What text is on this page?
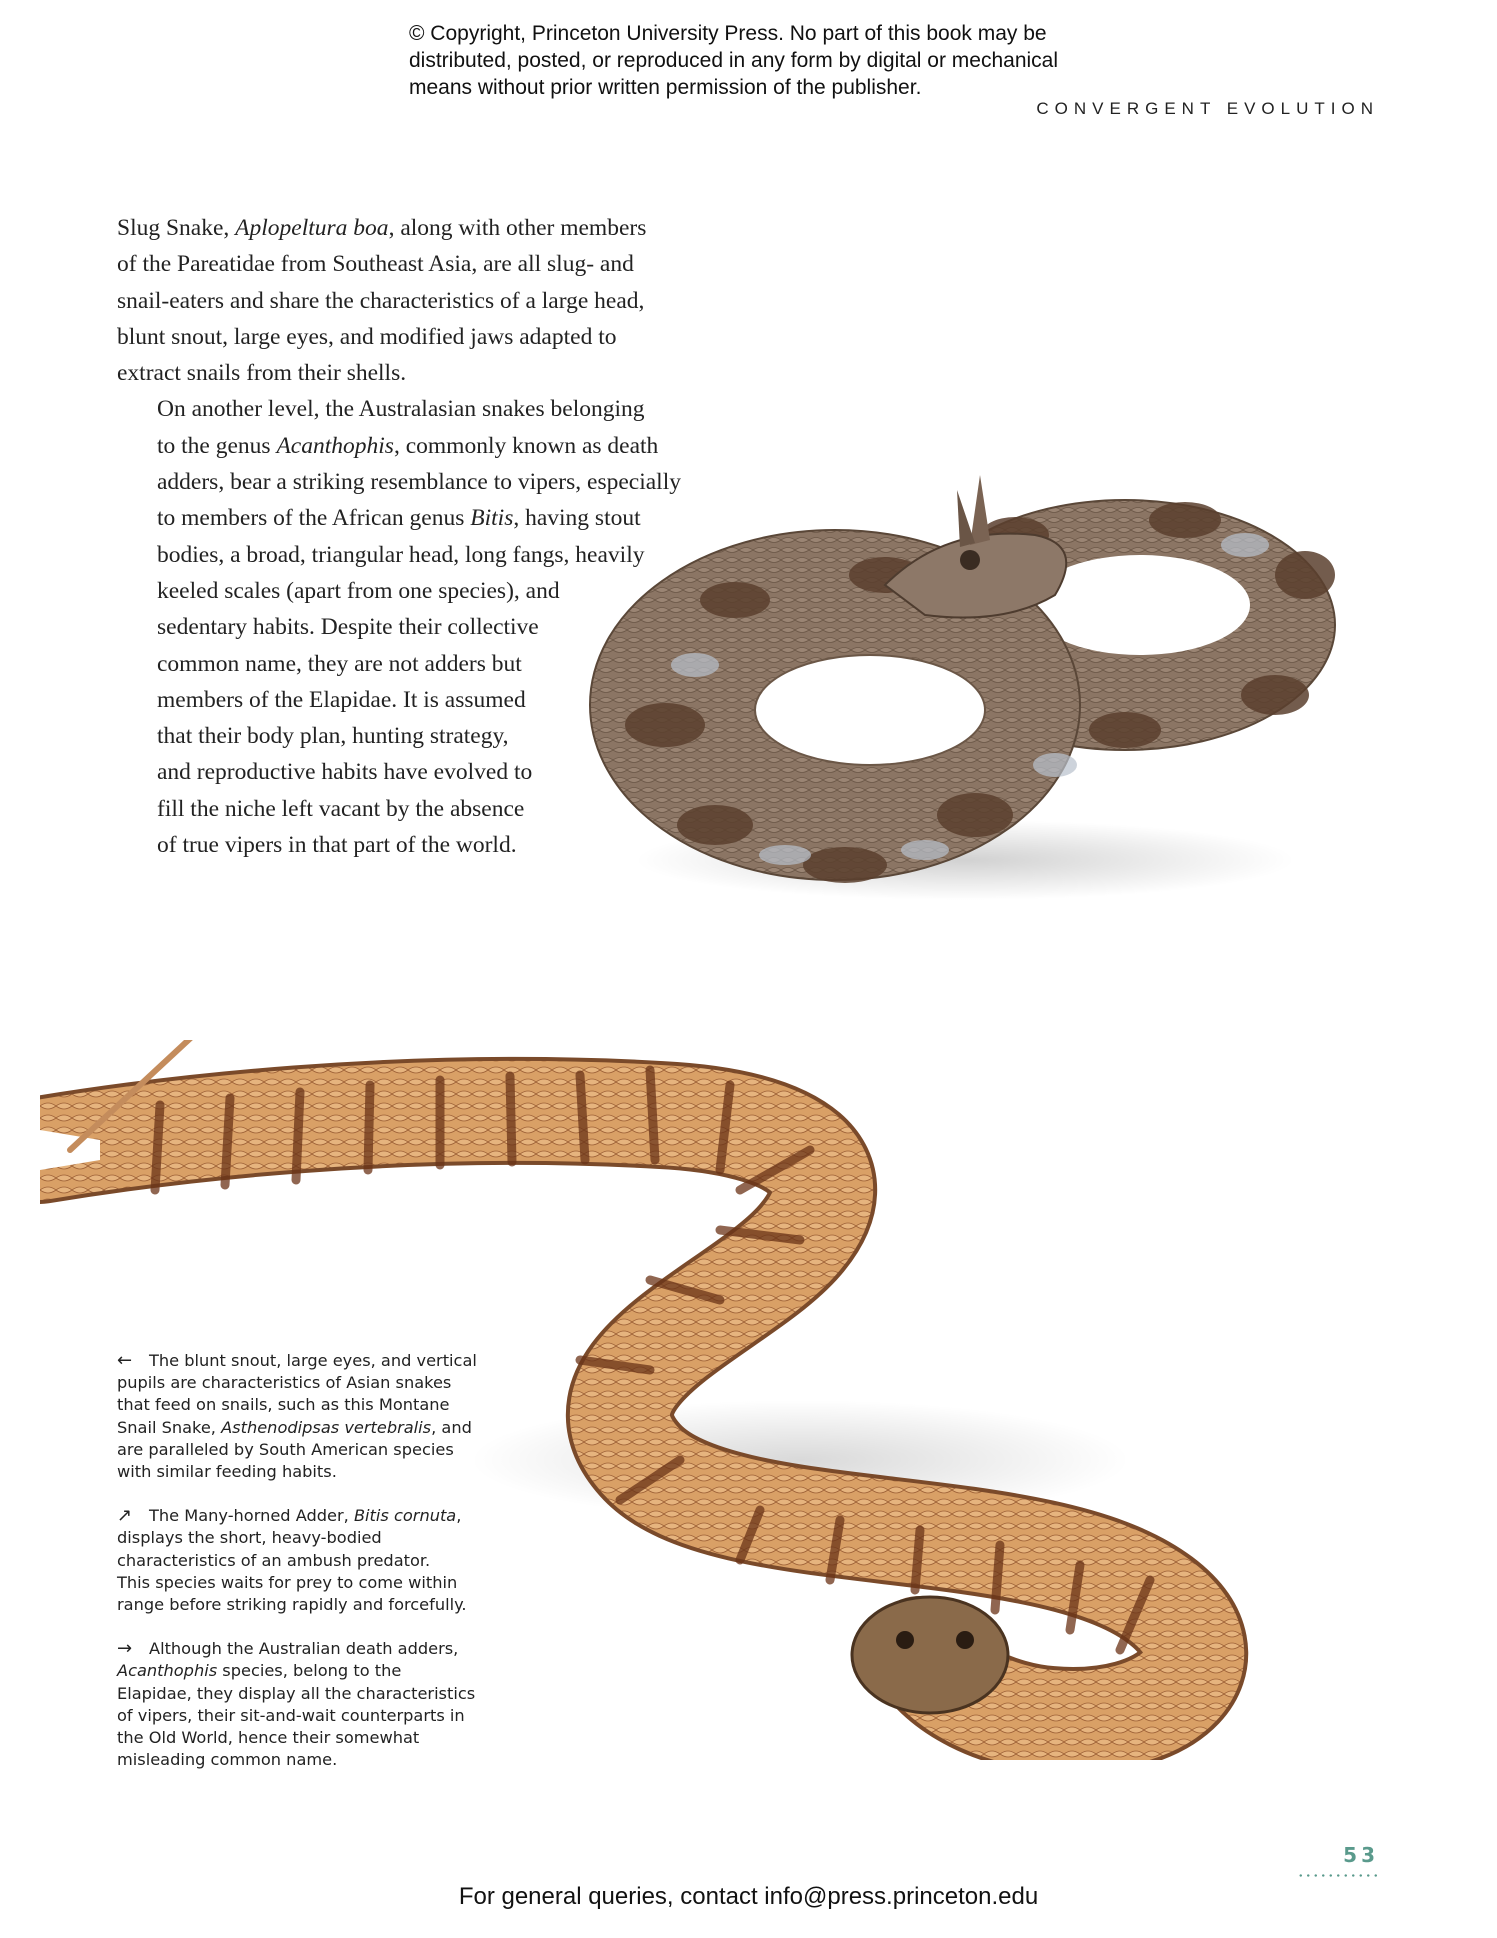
© Copyright, Princeton University Press. No part of this book may be
distributed, posted, or reproduced in any form by digital or mechanical
means without prior written permission of the publisher.
CONVERGENT EVOLUTION

Slug Snake, Aplopeltura boa, along with other members
of the Pareatidae from Southeast Asia, are all slug- and
snail-eaters and share the characteristics of a large head,
blunt snout, large eyes, and modified jaws adapted to
extract snails from their shells.

On another level, the Australasian snakes belonging
to the genus Acanthophis, commonly known as death
adders, bear a striking resemblance to vipers, especially
to members of the African genus Bitis, having stout
bodies, a broad, triangular head, long fangs, heavily
keeled scales (apart from one species), and
sedentary habits. Despite their collective
common name, they are not adders but
members of the Elapidae. It is assumed
that their body plan, hunting strategy,
and reproductive habits have evolved to
fill the niche left vacant by the absence
of true vipers in that part of the world.

← The blunt snout, large eyes, and vertical
pupils are characteristics of Asian snakes
that feed on snails, such as this Montane
Snail Snake, Asthenodipsas vertebralis, and
are paralleled by South American species
with similar feeding habits.
↗ The Many-horned Adder, Bitis cornuta,
displays the short, heavy-bodied
characteristics of an ambush predator.
This species waits for prey to come within
range before striking rapidly and forcefully.
→ Although the Australian death adders,
Acanthophis species, belong to the
Elapidae, they display all the characteristics
of vipers, their sit-and-wait counterparts in
the Old World, hence their somewhat
misleading common name.
53
For general queries, contact info@press.princeton.edu
